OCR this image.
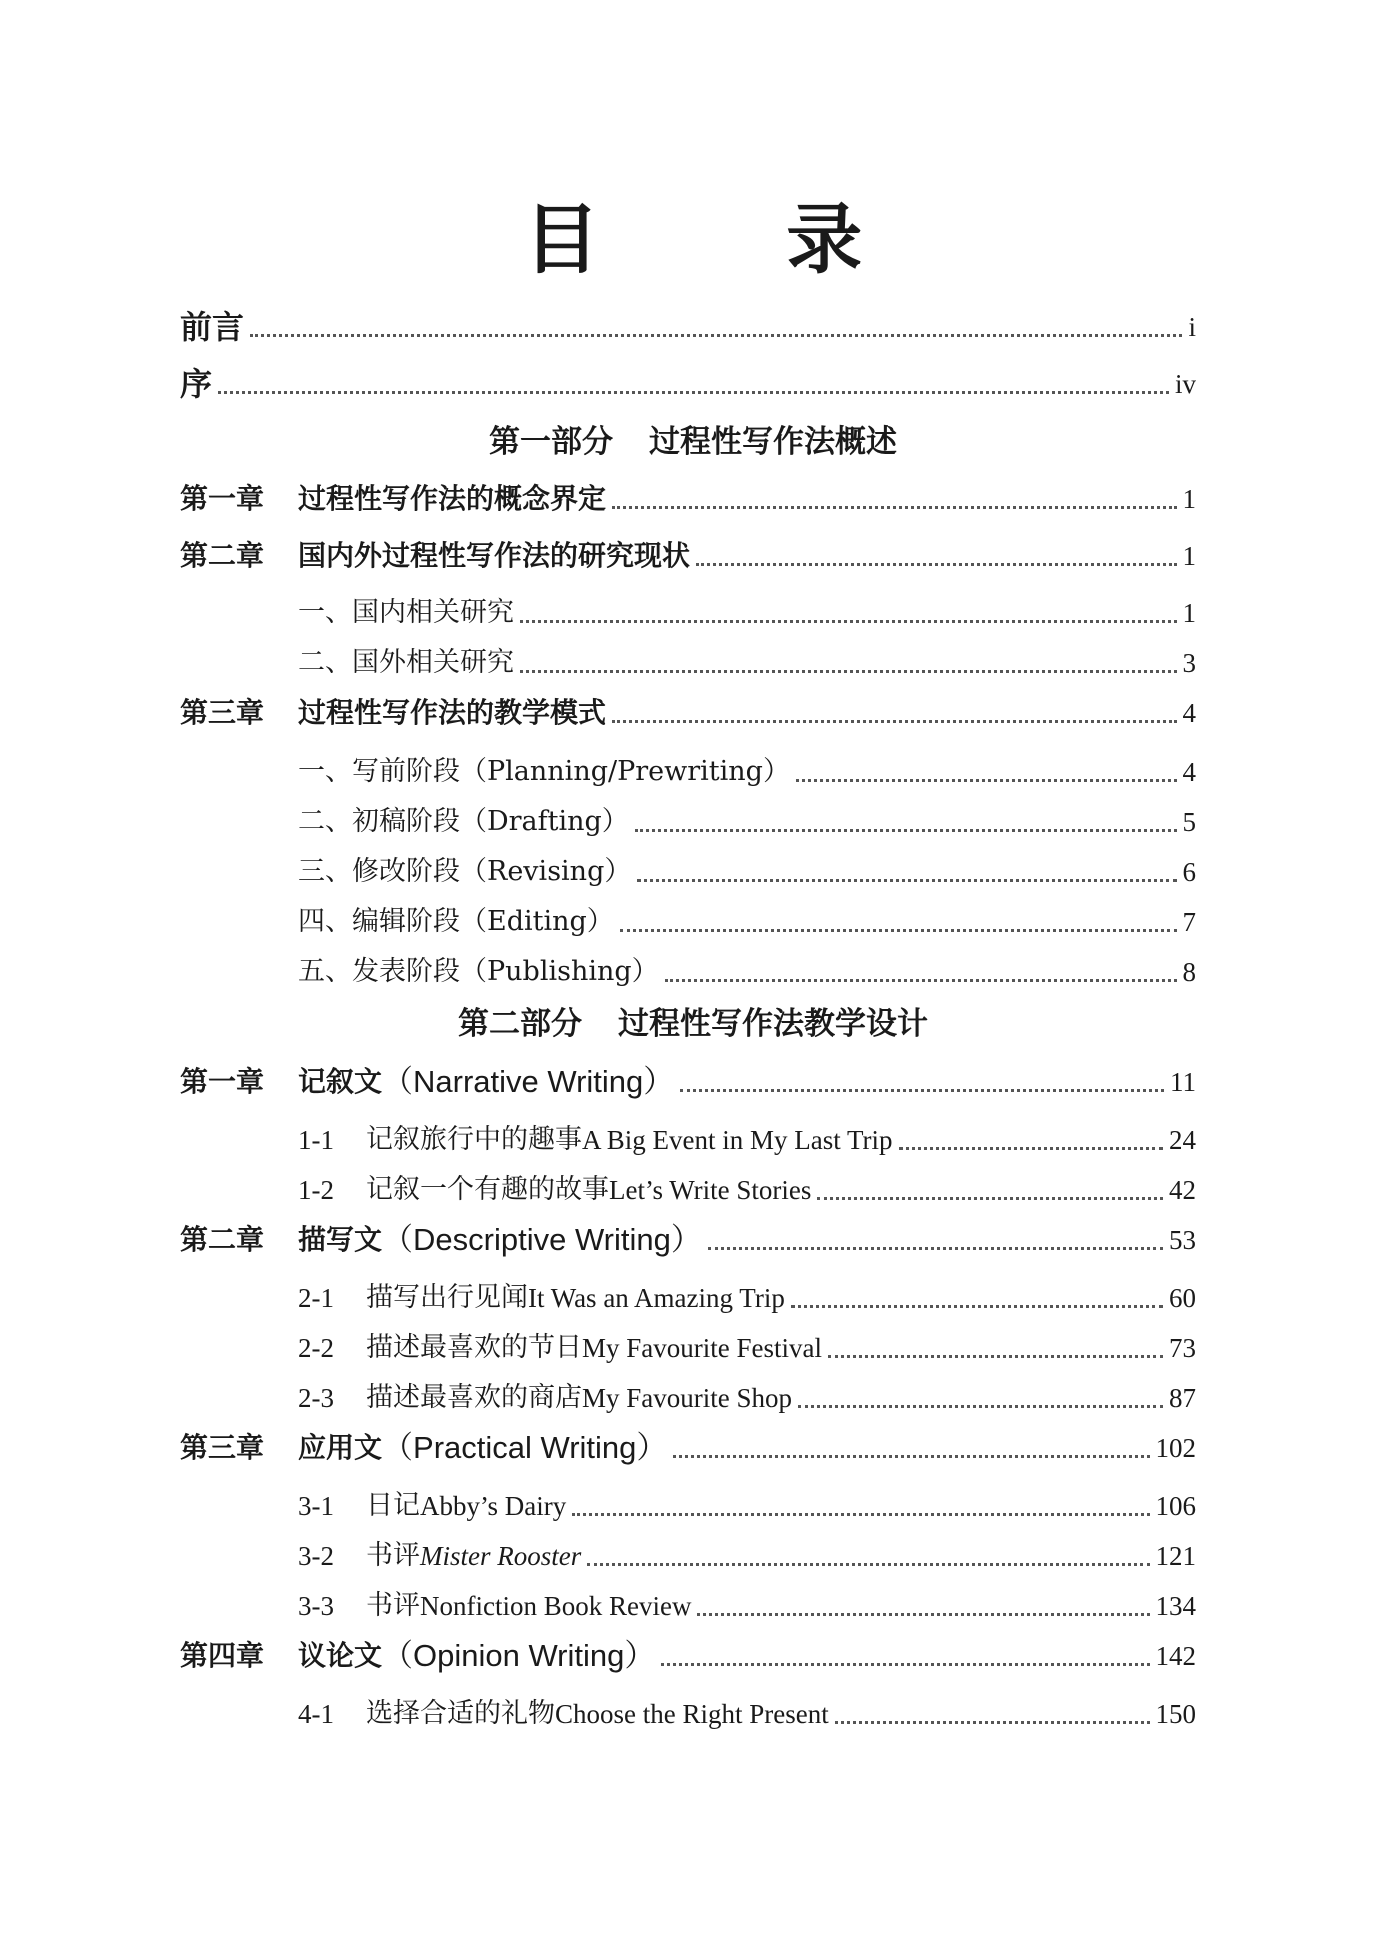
目 录
前言	i
序	iv
第一部分 过程性写作法概述
第一章	过程性写作法的概念界定	1
第二章	国内外过程性写作法的研究现状	1
一、国内相关研究	1
二、国外相关研究	3
第三章	过程性写作法的教学模式	4
一、写前阶段（Planning/Prewriting）	4
二、初稿阶段（Drafting）	5
三、修改阶段（Revising）	6
四、编辑阶段（Editing）	7
五、发表阶段（Publishing）	8
第二部分 过程性写作法教学设计
第一章	记叙文 （Narrative Writing）	11
1-1	记叙旅行中的趣事 A Big Event in My Last Trip	24
1-2	记叙一个有趣的故事 Let’s Write Stories	42
第二章	描写文 （Descriptive Writing）	53
2-1	描写出行见闻 It Was an Amazing Trip	60
2-2	描述最喜欢的节日 My Favourite Festival	73
2-3	描述最喜欢的商店 My Favourite Shop	87
第三章	应用文 （Practical Writing）	102
3-1	日记 Abby’s Dairy	106
3-2	书评 Mister Rooster	121
3-3	书评 Nonfiction Book Review	134
第四章	议论文 （Opinion Writing）	142
4-1	选择合适的礼物 Choose the Right Present	150
